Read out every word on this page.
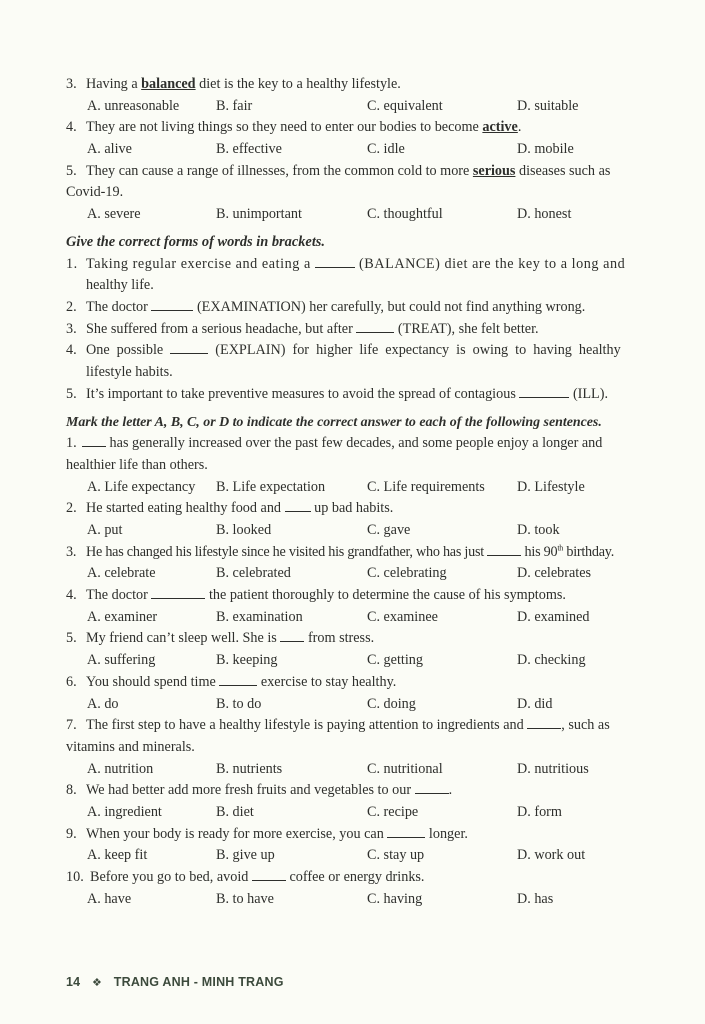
3. Having a balanced diet is the key to a healthy lifestyle.
A. unreasonable	B. fair	C. equivalent	D. suitable
4. They are not living things so they need to enter our bodies to become active.
A. alive	B. effective	C. idle	D. mobile
5. They can cause a range of illnesses, from the common cold to more serious diseases such as
Covid-19.
A. severe	B. unimportant	C. thoughtful	D. honest
Give the correct forms of words in brackets.
1. Taking regular exercise and eating a	(BALANCE) diet are the key to a long and
healthy life.
2. The doctor	(EXAMINATION) her carefully, but could not find anything wrong.
3. She suffered from a serious headache, but after	(TREAT), she felt better.
4. One possible	(EXPLAIN) for higher life expectancy is owing to having healthy
lifestyle habits.
5. It’s important to take preventive measures to avoid the spread of contagious	(ILL).
Mark the letter A, B, C, or D to indicate the correct answer to each of the following sentences.
1.	has generally increased over the past few decades, and some people enjoy a longer and
healthier life than others.
A. Life expectancy B. Life expectation	C. Life requirements D. Lifestyle
2. He started eating healthy food and  up bad habits.
A. put	B. looked	C. gave	D. took
3. He has changed his lifestyle since he visited his grandfather, who has just  his 90th birthday.
A. celebrate	B. celebrated	C. celebrating	D. celebrates
4. The doctor	the patient thoroughly to determine the cause of his symptoms.
A. examiner	B. examination	C. examinee	D. examined
5. My friend can’t sleep well. She is  from stress.
A. suffering	B. keeping	C. getting	D. checking
6. You should spend time	exercise to stay healthy.
A. do	B. to do	C. doing	D. did
7. The first step to have a healthy lifestyle is paying attention to ingredients and , such as
vitamins and minerals.
A. nutrition	B. nutrients	C. nutritional	D. nutritious
8. We had better add more fresh fruits and vegetables to our .
A. ingredient	B. diet	C. recipe	D. form
9. When your body is ready for more exercise, you can	longer.
A. keep fit	B. give up	C. stay up	D. work out
10. Before you go to bed, avoid  coffee or energy drinks.
A. have	B. to have	C. having	D. has
14 ❖ TRANG ANH - MINH TRANG
